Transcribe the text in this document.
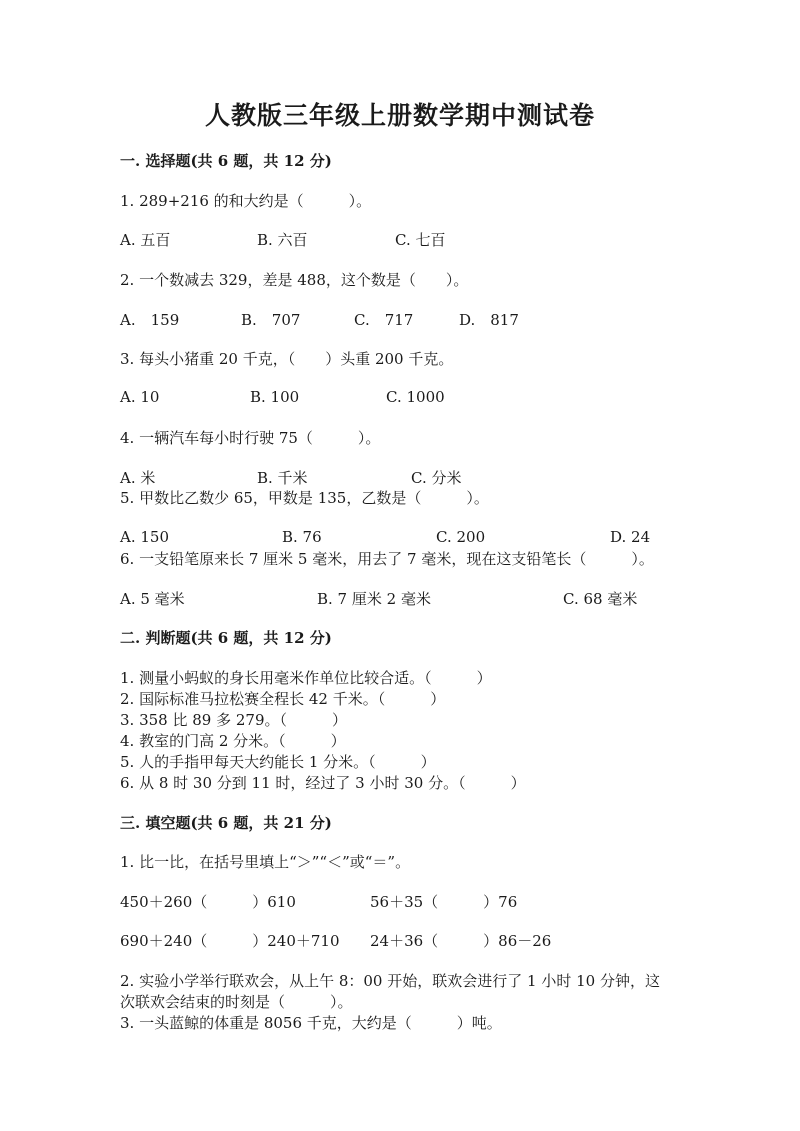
人教版三年级上册数学期中测试卷
一. 选择题(共 6 题，共 12 分)
1. 289+216 的和大约是（　　　）。
A. 五百	B. 六百	C. 七百
2. 一个数减去 329，差是 488，这个数是（　　）。
A.　159	B.　707	C.　717	D.　817
3. 每头小猪重 20 千克，（　　）头重 200 千克。
A. 10	B. 100	C. 1000
4. 一辆汽车每小时行驶 75（　　　）。
A. 米	B. 千米	C. 分米
5. 甲数比乙数少 65，甲数是 135，乙数是（　　　）。
A. 150	B. 76	C. 200	D. 24
6. 一支铅笔原来长 7 厘米 5 毫米，用去了 7 毫米，现在这支铅笔长（　　　）。
A. 5 毫米	B. 7 厘米 2 毫米	C. 68 毫米
二. 判断题(共 6 题，共 12 分)
1. 测量小蚂蚁的身长用毫米作单位比较合适。（　　　）
2. 国际标准马拉松赛全程长 42 千米。（　　　）
3. 358 比 89 多 279。（　　　）
4. 教室的门高 2 分米。（　　　）
5. 人的手指甲每天大约能长 1 分米。（　　　）
6. 从 8 时 30 分到 11 时，经过了 3 小时 30 分。（　　　）
三. 填空题(共 6 题，共 21 分)
1. 比一比，在括号里填上“＞”“＜”或“＝”。
450＋260（　　　）610	56＋35（　　　）76
690＋240（　　　）240＋710 24＋36（　　　）86－26
2. 实验小学举行联欢会，从上午 8：00 开始，联欢会进行了 1 小时 10 分钟，这
次联欢会结束的时刻是（　　　）。
3. 一头蓝鲸的体重是 8056 千克，大约是（　　　）吨。
